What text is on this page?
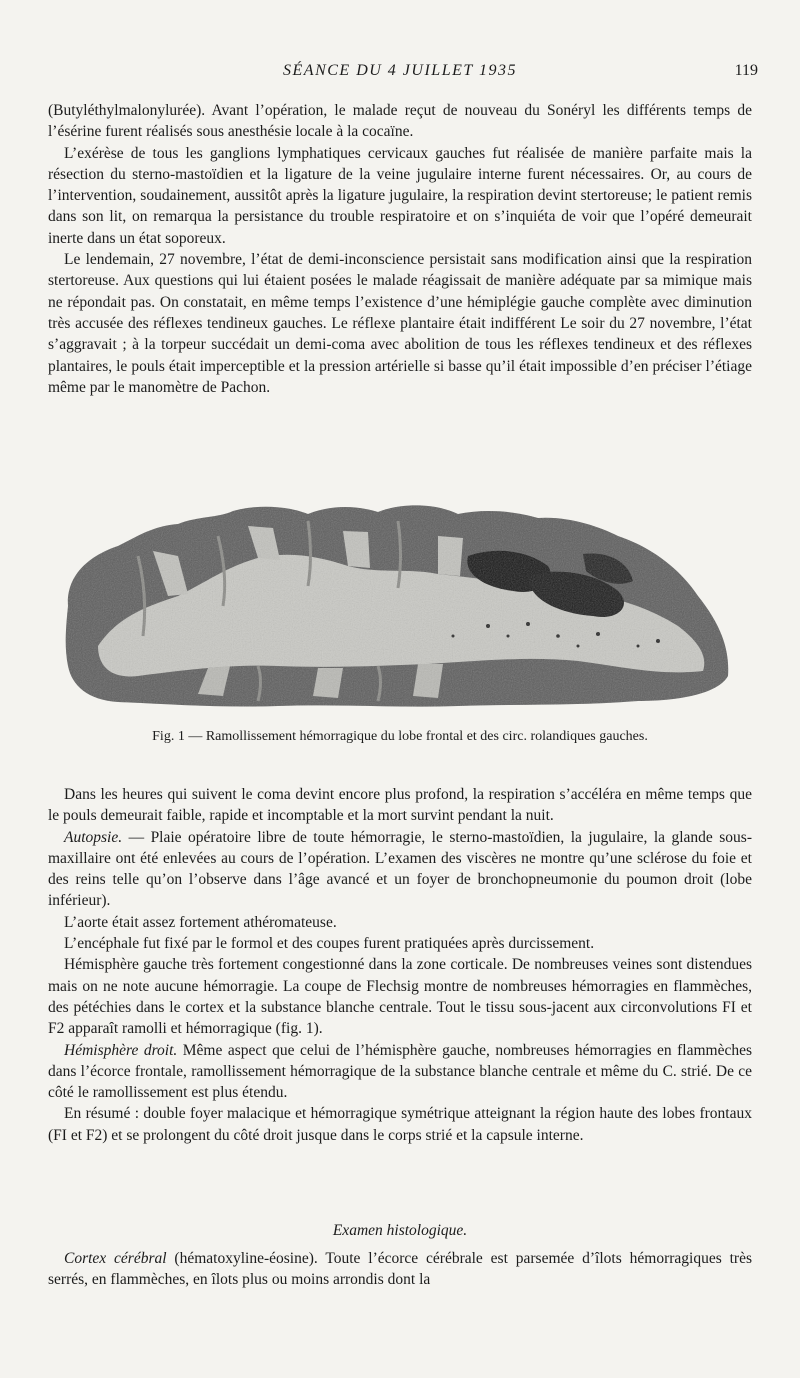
SÉANCE DU 4 JUILLET 1935	119

(Butyléthylmalonylurée). Avant l’opération, le malade reçut de nouveau du Sonéryl les différents temps de l’ésérine furent réalisés sous anesthésie locale à la cocaïne.

L’exérèse de tous les ganglions lymphatiques cervicaux gauches fut réalisée de manière parfaite mais la résection du sterno-mastoïdien et la ligature de la veine jugulaire interne furent nécessaires. Or, au cours de l’intervention, soudainement, aussitôt après la ligature jugulaire, la respiration devint stertoreuse; le patient remis dans son lit, on remarqua la persistance du trouble respiratoire et on s’inquiéta de voir que l’opéré demeurait inerte dans un état soporeux.

Le lendemain, 27 novembre, l’état de demi-inconscience persistait sans modification ainsi que la respiration stertoreuse. Aux questions qui lui étaient posées le malade réagissait de manière adéquate par sa mimique mais ne répondait pas. On constatait, en même temps l’existence d’une hémiplégie gauche complète avec diminution très accusée des réflexes tendineux gauches. Le réflexe plantaire était indifférent Le soir du 27 novembre, l’état s’aggravait ; à la torpeur succédait un demi-coma avec abolition de tous les réflexes tendineux et des réflexes plantaires, le pouls était imperceptible et la pression artérielle si basse qu’il était impossible d’en préciser l’étiage même par le manomètre de Pachon.

Fig. 1 — Ramollissement hémorragique du lobe frontal et des circ. rolandiques gauches.

Dans les heures qui suivent le coma devint encore plus profond, la respiration s’accéléra en même temps que le pouls demeurait faible, rapide et incomptable et la mort survint pendant la nuit.

Autopsie. — Plaie opératoire libre de toute hémorragie, le sterno-mastoïdien, la jugulaire, la glande sous-maxillaire ont été enlevées au cours de l’opération. L’examen des viscères ne montre qu’une sclérose du foie et des reins telle qu’on l’observe dans l’âge avancé et un foyer de bronchopneumonie du poumon droit (lobe inférieur).

L’aorte était assez fortement athéromateuse.

L’encéphale fut fixé par le formol et des coupes furent pratiquées après durcissement.

Hémisphère gauche très fortement congestionné dans la zone corticale. De nombreuses veines sont distendues mais on ne note aucune hémorragie. La coupe de Flechsig montre de nombreuses hémorragies en flammèches, des pétéchies dans le cortex et la substance blanche centrale. Tout le tissu sous-jacent aux circonvolutions FI et F2 apparaît ramolli et hémorragique (fig. 1).

Hémisphère droit. Même aspect que celui de l’hémisphère gauche, nombreuses hémorragies en flammèches dans l’écorce frontale, ramollissement hémorragique de la substance blanche centrale et même du C. strié. De ce côté le ramollissement est plus étendu.

En résumé : double foyer malacique et hémorragique symétrique atteignant la région haute des lobes frontaux (FI et F2) et se prolongent du côté droit jusque dans le corps strié et la capsule interne.

Examen histologique.

Cortex cérébral (hématoxyline-éosine). Toute l’écorce cérébrale est parsemée d’îlots hémorragiques très serrés, en flammèches, en îlots plus ou moins arrondis dont la
